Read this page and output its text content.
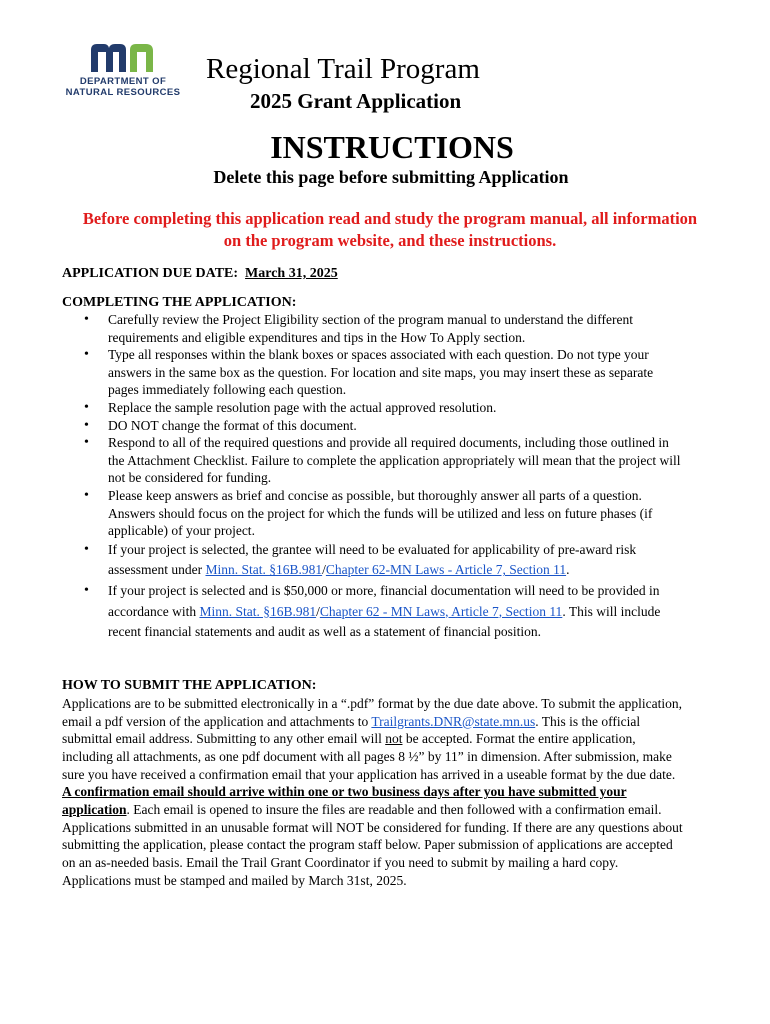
DEPARTMENT OF
NATURAL RESOURCES
Regional Trail Program
2025 Grant Application
INSTRUCTIONS
Delete this page before submitting Application
Before completing this application read and study the program manual, all information on the program website, and these instructions.
APPLICATION DUE DATE: March 31, 2025
COMPLETING THE APPLICATION:
• Carefully review the Project Eligibility section of the program manual to understand the different requirements and eligible expenditures and tips in the How To Apply section.
• Type all responses within the blank boxes or spaces associated with each question. Do not type your answers in the same box as the question. For location and site maps, you may insert these as separate pages immediately following each question.
• Replace the sample resolution page with the actual approved resolution.
• DO NOT change the format of this document.
• Respond to all of the required questions and provide all required documents, including those outlined in the Attachment Checklist. Failure to complete the application appropriately will mean that the project will not be considered for funding.
• Please keep answers as brief and concise as possible, but thoroughly answer all parts of a question. Answers should focus on the project for which the funds will be utilized and less on future phases (if applicable) of your project.
• If your project is selected, the grantee will need to be evaluated for applicability of pre-award risk assessment under Minn. Stat. §16B.981/Chapter 62-MN Laws - Article 7, Section 11.
• If your project is selected and is $50,000 or more, financial documentation will need to be provided in accordance with Minn. Stat. §16B.981/Chapter 62 - MN Laws, Article 7, Section 11. This will include recent financial statements and audit as well as a statement of financial position.
HOW TO SUBMIT THE APPLICATION:
Applications are to be submitted electronically in a “.pdf” format by the due date above. To submit the application, email a pdf version of the application and attachments to Trailgrants.DNR@state.mn.us. This is the official submittal email address. Submitting to any other email will not be accepted. Format the entire application, including all attachments, as one pdf document with all pages 8 ½” by 11” in dimension. After submission, make sure you have received a confirmation email that your application has arrived in a useable format by the due date. A confirmation email should arrive within one or two business days after you have submitted your application. Each email is opened to insure the files are readable and then followed with a confirmation email. Applications submitted in an unusable format will NOT be considered for funding. If there are any questions about submitting the application, please contact the program staff below. Paper submission of applications are accepted on an as-needed basis. Email the Trail Grant Coordinator if you need to submit by mailing a hard copy. Applications must be stamped and mailed by March 31st, 2025.
